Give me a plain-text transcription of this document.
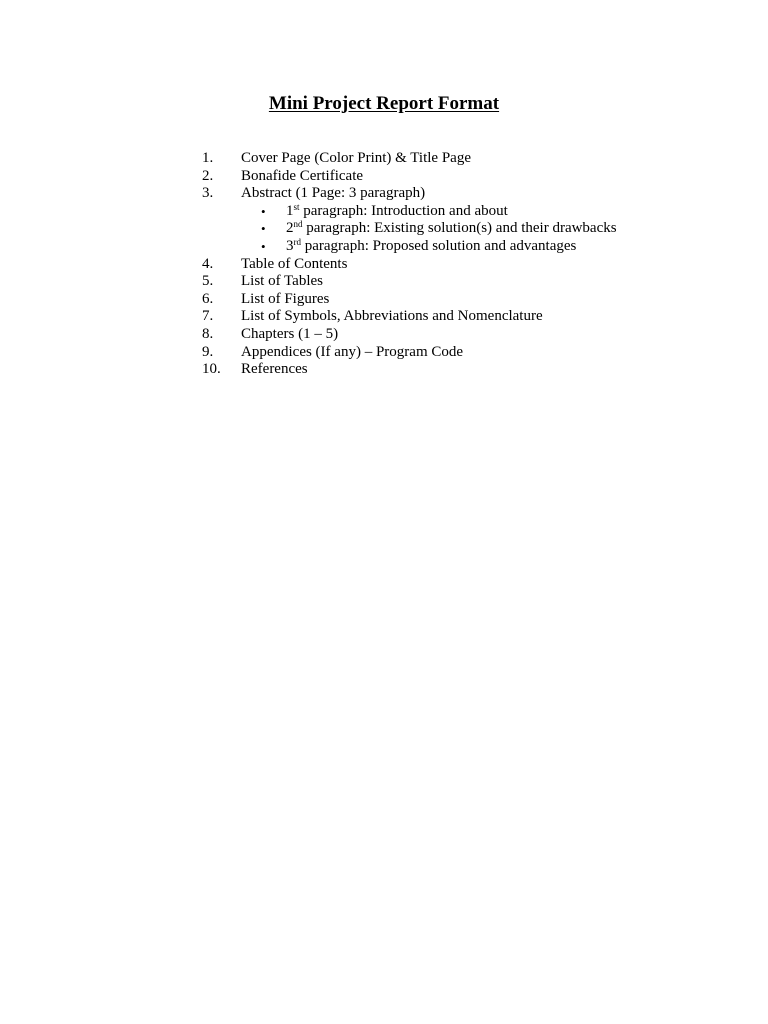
Mini Project Report Format
1. Cover Page (Color Print) & Title Page
2. Bonafide Certificate
3. Abstract (1 Page: 3 paragraph)
• 1st paragraph: Introduction and about
• 2nd paragraph: Existing solution(s) and their drawbacks
• 3rd paragraph: Proposed solution and advantages
4. Table of Contents
5. List of Tables
6. List of Figures
7. List of Symbols, Abbreviations and Nomenclature
8. Chapters (1 – 5)
9. Appendices (If any) – Program Code
10. References
